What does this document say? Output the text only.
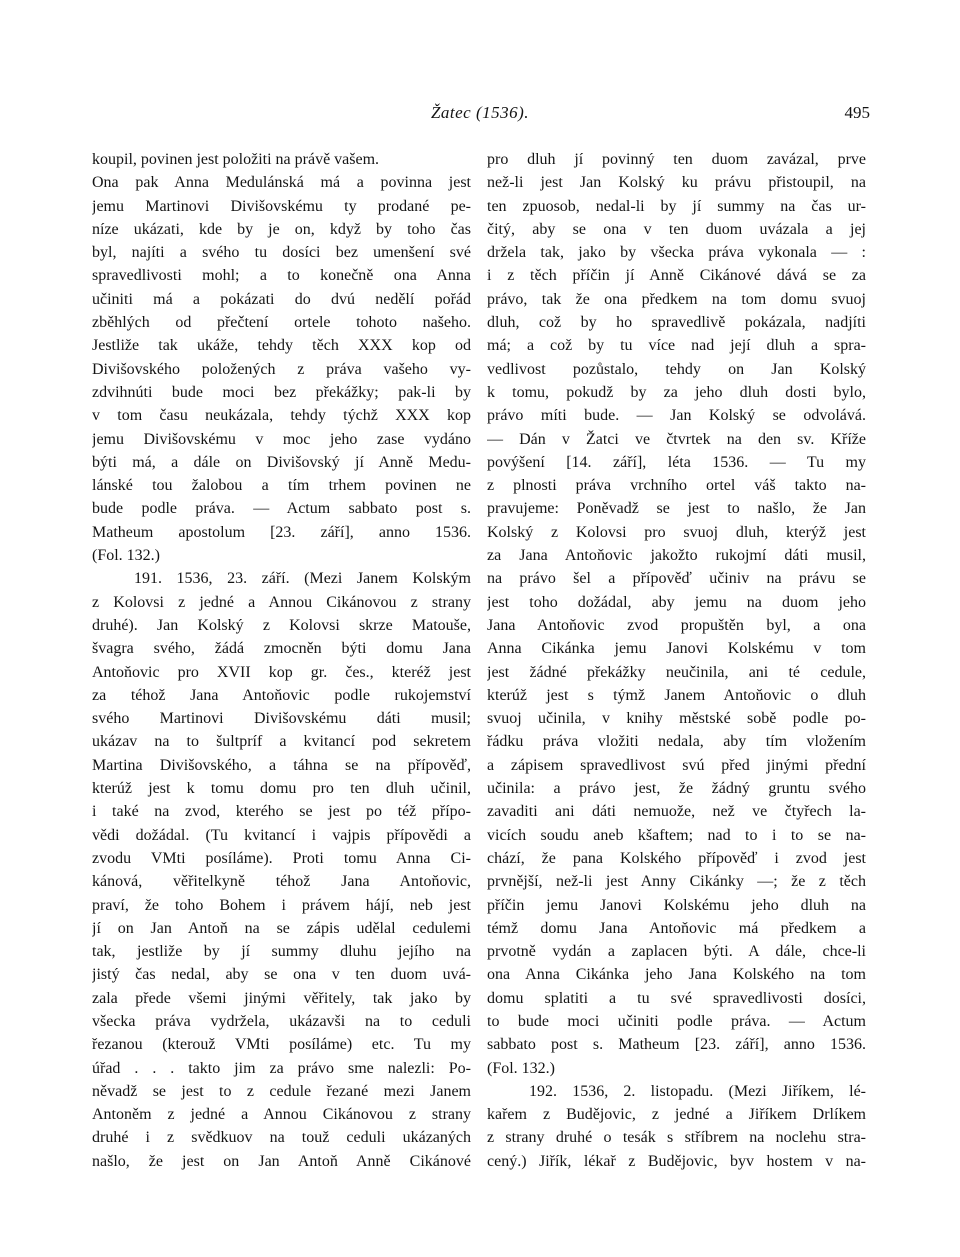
Žatec (1536).	495
koupil, povinen jest položiti na právě vašem.
Ona pak Anna Medulánská má a povinna jest
jemu Martinovi Divišovskému ty prodané pe-
níze ukázati, kde by je on, když by toho čas
byl, najíti a svého tu dosíci bez umenšení své
spravedlivosti mohl; a to konečně ona Anna
učiniti má a pokázati do dvú nedělí pořád
zběhlých od přečtení ortele tohoto našeho.
Jestliže tak ukáže, tehdy těch XXX kop od
Divišovského položených z práva vašeho vy-
zdvihnúti bude moci bez překážky; pak-li by
v tom času neukázala, tehdy týchž XXX kop
jemu Divišovskému v moc jeho zase vydáno
býti má, a dále on Divišovský jí Anně Medu-
lánské tou žalobou a tím trhem povinen ne
bude podle práva. — Actum sabbato post s.
Matheum apostolum [23. září], anno 1536.
(Fol. 132.)
191. 1536, 23. září. (Mezi Janem Kolským
z Kolovsi z jedné a Annou Cikánovou z strany
druhé). Jan Kolský z Kolovsi skrze Matouše,
švagra svého, žádá zmocněn býti domu Jana
Antoňovic pro XVII kop gr. čes., kteréž jest
za téhož Jana Antoňovic podle rukojemství
svého Martinovi Divišovskému dáti musil;
ukázav na to šultpríf a kvitancí pod sekretem
Martina Divišovského, a táhna se na přípověď,
kterúž jest k tomu domu pro ten dluh učinil,
i také na zvod, kterého se jest po též přípo-
vědi dožádal. (Tu kvitancí i vajpis přípovědi a
zvodu VMti posíláme). Proti tomu Anna Ci-
kánová, věřitelkyně téhož Jana Antoňovic,
praví, že toho Bohem i právem hájí, neb jest
jí on Jan Antoň na se zápis udělal cedulemi
tak, jestliže by jí summy dluhu jejího na
jistý čas nedal, aby se ona v ten duom uvá-
zala přede všemi jinými věřitely, tak jako by
všecka práva vydržela, ukázavši na to ceduli
řezanou (kterouž VMti posíláme) etc. Tu my
úřad . . . takto jim za právo sme nalezli: Po-
něvadž se jest to z cedule řezané mezi Janem
Antoněm z jedné a Annou Cikánovou z strany
druhé i z svědkuov na touž ceduli ukázaných
našlo, že jest on Jan Antoň Anně Cikánové
pro dluh jí povinný ten duom zavázal, prve
než-li jest Jan Kolský ku právu přistoupil, na
ten zpuosob, nedal-li by jí summy na čas ur-
čitý, aby se ona v ten duom uvázala a jej
držela tak, jako by všecka práva vykonala — :
i z těch příčin jí Anně Cikánové dává se za
právo, tak že ona předkem na tom domu svuoj
dluh, což by ho spravedlivě pokázala, nadjíti
má; a což by tu více nad její dluh a spra-
vedlivost pozůstalo, tehdy on Jan Kolský
k tomu, pokudž by za jeho dluh dosti bylo,
právo míti bude. — Jan Kolský se odvolává.
— Dán v Žatci ve čtvrtek na den sv. Kříže
povýšení [14. září], léta 1536. — Tu my
z plnosti práva vrchního ortel váš takto na-
pravujeme: Poněvadž se jest to našlo, že Jan
Kolský z Kolovsi pro svuoj dluh, kterýž jest
za Jana Antoňovic jakožto rukojmí dáti musil,
na právo šel a přípověď učiniv na právu se
jest toho dožádal, aby jemu na duom jeho
Jana Antoňovic zvod propuštěn byl, a ona
Anna Cikánka jemu Janovi Kolskému v tom
jest žádné překážky neučinila, ani té cedule,
kterúž jest s týmž Janem Antoňovic o dluh
svuoj učinila, v knihy městské sobě podle po-
řádku práva vložiti nedala, aby tím vložením
a zápisem spravedlivost svú před jinými přední
učinila: a právo jest, že žádný gruntu svého
zavaditi ani dáti nemuože, než ve čtyřech la-
vicích soudu aneb kšaftem; nad to i to se na-
chází, že pana Kolského přípověď i zvod jest
prvnější, než-li jest Anny Cikánky —; že z těch
příčin jemu Janovi Kolskému jeho dluh na
témž domu Jana Antoňovic má předkem a
prvotně vydán a zaplacen býti. A dále, chce-li
ona Anna Cikánka jeho Jana Kolského na tom
domu splatiti a tu své spravedlivosti dosíci,
to bude moci učiniti podle práva. — Actum
sabbato post s. Matheum [23. září], anno 1536.
(Fol. 132.)
192. 1536, 2. listopadu. (Mezi Jiříkem, lé-
kařem z Budějovic, z jedné a Jiříkem Drlíkem
z strany druhé o tesák s stříbrem na noclehu stra-
cený.) Jiřík, lékař z Budějovic, byv hostem v na-
